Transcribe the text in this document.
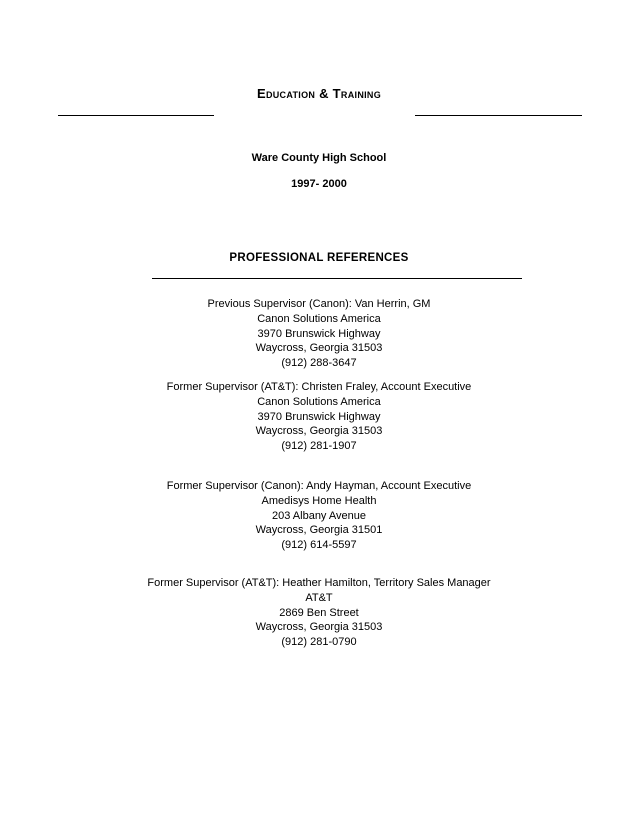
Education & Training
Ware County High School
1997- 2000
PROFESSIONAL REFERENCES
Previous Supervisor (Canon): Van Herrin, GM
Canon Solutions America
3970 Brunswick Highway
Waycross, Georgia 31503
(912) 288-3647
Former Supervisor (AT&T): Christen Fraley, Account Executive
Canon Solutions America
3970 Brunswick Highway
Waycross, Georgia 31503
(912) 281-1907
Former Supervisor (Canon): Andy Hayman, Account Executive
Amedisys Home Health
203 Albany Avenue
Waycross, Georgia 31501
(912) 614-5597
Former Supervisor (AT&T): Heather Hamilton, Territory Sales Manager
AT&T
2869 Ben Street
Waycross, Georgia 31503
(912) 281-0790
